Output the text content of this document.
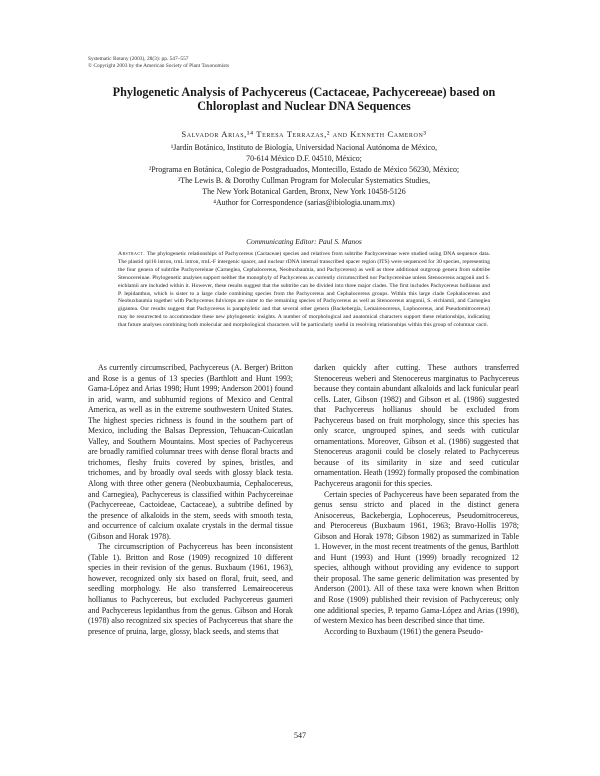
Systematic Botany (2003), 28(3): pp. 547–557
© Copyright 2003 by the American Society of Plant Taxonomists
Phylogenetic Analysis of Pachycereus (Cactaceae, Pachycereeae) based on Chloroplast and Nuclear DNA Sequences
Salvador Arias,¹⁴ Teresa Terrazas,² and Kenneth Cameron³
¹Jardín Botánico, Instituto de Biología, Universidad Nacional Autónoma de México,
70-614 México D.F. 04510, México;
²Programa en Botánica, Colegio de Postgraduados, Montecillo, Estado de México 56230, México;
³The Lewis B. & Dorothy Cullman Program for Molecular Systematics Studies,
The New York Botanical Garden, Bronx, New York 10458-5126
⁴Author for Correspondence (sarias@ibiologia.unam.mx)
Communicating Editor: Paul S. Manos
Abstract. The phylogenetic relationships of Pachycereus (Cactaceae) species and relatives from subtribe Pachycereinae were studied using DNA sequence data. The plastid rpl16 intron, trnL intron, trnL-F intergenic spacer, and nuclear rDNA internal transcribed spacer region (ITS) were sequenced for 30 species, representing the four genera of subtribe Pachycereinae (Carnegiea, Cephalocereus, Neobuxbaumia, and Pachycereus) as well as three additional outgroup genera from subtribe Stenocereinae. Phylogenetic analyses support neither the monophyly of Pachycereus as currently circumscribed nor Pachycereinae unless Stenocereus aragonii and S. eichlamii are included within it. However, these results suggest that the subtribe can be divided into three major clades. The first includes Pachycereus hollianus and P. lepidanthus, which is sister to a large clade combining species from the Pachycereus and Cephalocereus groups. Within this large clade Cephalocereus and Neobuxbaumia together with Pachycereus fulviceps are sister to the remaining species of Pachycereus as well as Stenocereus aragonii, S. eichlamii, and Carnegiea gigantea. Our results suggest that Pachycereus is paraphyletic and that several other genera (Backebergia, Lemaireocereus, Lophocereus, and Pseudomitrocereus) may be resurrected to accommodate these new phylogenetic insights. A number of morphological and anatomical characters support these relationships, indicating that future analyses combining both molecular and morphological characters will be particularly useful in resolving relationships within this group of columnar cacti.

As currently circumscribed, Pachycereus (A. Berger) Britton and Rose is a genus of 13 species (Barthlott and Hunt 1993; Gama-López and Arias 1998; Hunt 1999; Anderson 2001) found in arid, warm, and subhumid regions of Mexico and Central America, as well as in the extreme southwestern United States. The highest species richness is found in the southern part of Mexico, including the Balsas Depression, Tehuacan-Cuicatlan Valley, and Southern Mountains. Most species of Pachycereus are broadly ramified columnar trees with dense floral bracts and trichomes, fleshy fruits covered by spines, bristles, and trichomes, and by broadly oval seeds with glossy black testa. Along with three other genera (Neobuxbaumia, Cephalocereus, and Carnegiea), Pachycereus is classified within Pachycereinae (Pachycereeae, Cactoideae, Cactaceae), a subtribe defined by the presence of alkaloids in the stem, seeds with smooth testa, and occurrence of calcium oxalate crystals in the dermal tissue (Gibson and Horak 1978).

The circumscription of Pachycereus has been inconsistent (Table 1). Britton and Rose (1909) recognized 10 different species in their revision of the genus. Buxbaum (1961, 1963), however, recognized only six based on floral, fruit, seed, and seedling morphology. He also transferred Lemaireocereus hollianus to Pachycereus, but excluded Pachycereus gaumeri and Pachycereus lepidanthus from the genus. Gibson and Horak (1978) also recognized six species of Pachycereus that share the presence of pruina, large, glossy, black seeds, and stems that

darken quickly after cutting. These authors transferred Stenocereus weberi and Stenocereus marginatus to Pachycereus because they contain abundant alkaloids and lack funicular pearl cells. Later, Gibson (1982) and Gibson et al. (1986) suggested that Pachycereus hollianus should be excluded from Pachycereus based on fruit morphology, since this species has only scarce, ungrouped spines, and seeds with cuticular ornamentations. Moreover, Gibson et al. (1986) suggested that Stenocereus aragonii could be closely related to Pachycereus because of its similarity in size and seed cuticular ornamentation. Heath (1992) formally proposed the combination Pachycereus aragonii for this species.

Certain species of Pachycereus have been separated from the genus sensu stricto and placed in the distinct genera Anisocereus, Backebergia, Lophocereus, Pseudomitrocereus, and Pterocereus (Buxbaum 1961, 1963; Bravo-Hollis 1978; Gibson and Horak 1978; Gibson 1982) as summarized in Table 1. However, in the most recent treatments of the genus, Barthlott and Hunt (1993) and Hunt (1999) broadly recognized 12 species, although without providing any evidence to support their proposal. The same generic delimitation was presented by Anderson (2001). All of these taxa were known when Britton and Rose (1909) published their revision of Pachycereus; only one additional species, P. tepamo Gama-López and Arias (1998), of western Mexico has been described since that time.

According to Buxbaum (1961) the genera Pseudo-

547
